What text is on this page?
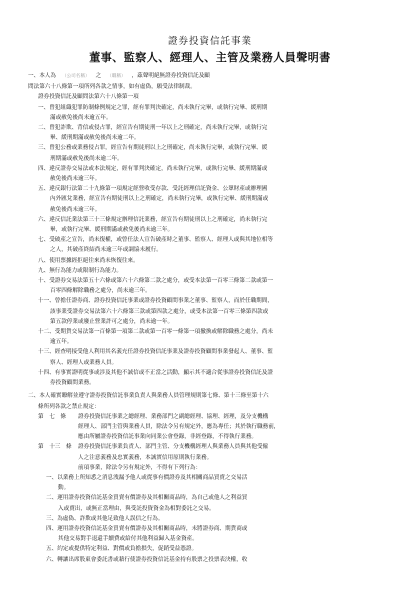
證券投資信託事業
董事、監察人、經理人、主管及業務人員聲明書
一、本人為 （公司名稱） 之 （職稱） ，茲聲明絕無證券投資信託及顧
問法第六十八條第一項所列各款之情事，如有虛偽，願受法律制裁。
證券投資信託及顧問法第六十八條第一項
一、曾犯組織犯罪防制條例規定之罪，經有罪判決確定，尚未執行完畢，或執行完畢、緩刑期
滿或赦免後尚未逾五年。
二、曾犯詐欺、背信或侵占罪，經宣告有期徒刑一年以上之刑確定，尚未執行完畢，或執行完
畢、緩刑期滿或赦免後尚未逾二年。
三、曾犯公務或業務侵占罪，經宣告有期徒刑以上之刑確定，尚未執行完畢，或執行完畢、緩
刑期滿或赦免後尚未逾二年。
四、違反證券交易法或本法規定，經有罪判決確定，尚未執行完畢，或執行完畢、緩刑期滿或
赦免後尚未逾三年。
五、違反銀行法第二十九條第一項規定經營收受存款、受託經理信託資金、公眾財產或辦理國
內外匯兌業務，經宣告有期徒刑以上之刑確定，尚未執行完畢，或執行完畢、緩刑期滿或
赦免後尚未逾三年。
六、違反信託業法第三十三條規定辦理信託業務，經宣告有期徒刑以上之刑確定，尚未執行完
畢，或執行完畢、緩刑期滿或赦免後尚未逾三年。
七、受破產之宣告，尚未復權，或曾任法人宣告破產時之董事、監察人、經理人或與其地位相等
之人，其破產終結尚未逾三年或調協未履行。
八、使用票據經拒絕往來尚未恢復往來。
九、無行為能力或限制行為能力。
十、受證券交易法第五十六條或第六十六條第二款之處分，或受本法第一百零三條第二款或第一
百零四條解除職務之處分，尚未逾三年。
十一、曾擔任證券商、證券投資信託事業或證券投資顧問事業之董事、監察人，而於任職期間，
該事業受證券交易法第六十六條第三款或第四款之處分，或受本法第一百零三條第四款或
第五款停業或廢止營業許可之處分，尚未逾一年。
十二、受期貨交易法第一百條第一項第二款或第一百零一條第一項撤換或解除職務之處分，尚未
逾五年。
十三、經查明接受他人利用其名義充任證券投資信託事業及證券投資顧問事業發起人、董事、監
察人、經理人或業務人員。
十四、有事實證明從事或涉及其他不誠信或不正當之活動，顯示其不適合從事證券投資信託及證
券投資顧問業務。
二、本人確實瞭解並遵守證券投資信託事業負責人與業務人員管理規則第七條、第十三條至第十六
條所列各款之禁止規定：
第　七　條	證券投資信託事業之總經理、業務部門之副總經理、協理、經理，及分支機構
經理人、部門主管與業務人員，除法令另有規定外，應為專任；其於執行職務前，
應由所屬證券投資信託事業向同業公會登錄，非經登錄，不得執行業務。
第　十三　條	證券投資信託事業負責人、部門主管、分支機構經理人與業務人員與其他受僱
人之注意義務及忠實義務，本誠實信用原則執行業務。
前項事業，除法令另有規定外，不得有下列行為：
一、以業務上所知悉之消息洩漏予他人或從事有價證券及其相關商品買賣之交易活
動。
二、運用證券投資信託基金買賣有價證券及其相關商品時，為自己或他人之利益買
入或賣出，或無正當理由，與受託投資資金為相對委託之交易。
三、為虛偽、詐欺或其他足致他人誤信之行為。
四、運用證券投資信託基金買賣有價證券及其相關商品時，未將證券商、期貨商或
其他交易對手退還手續費或給付其他利益歸入基金資產。
五、約定或提供特定利益、對價或負擔損失，促銷受益憑證。
六、轉讓出席股東會委託書或藉行使證券投資信託基金持有股票之投票表決權，收
